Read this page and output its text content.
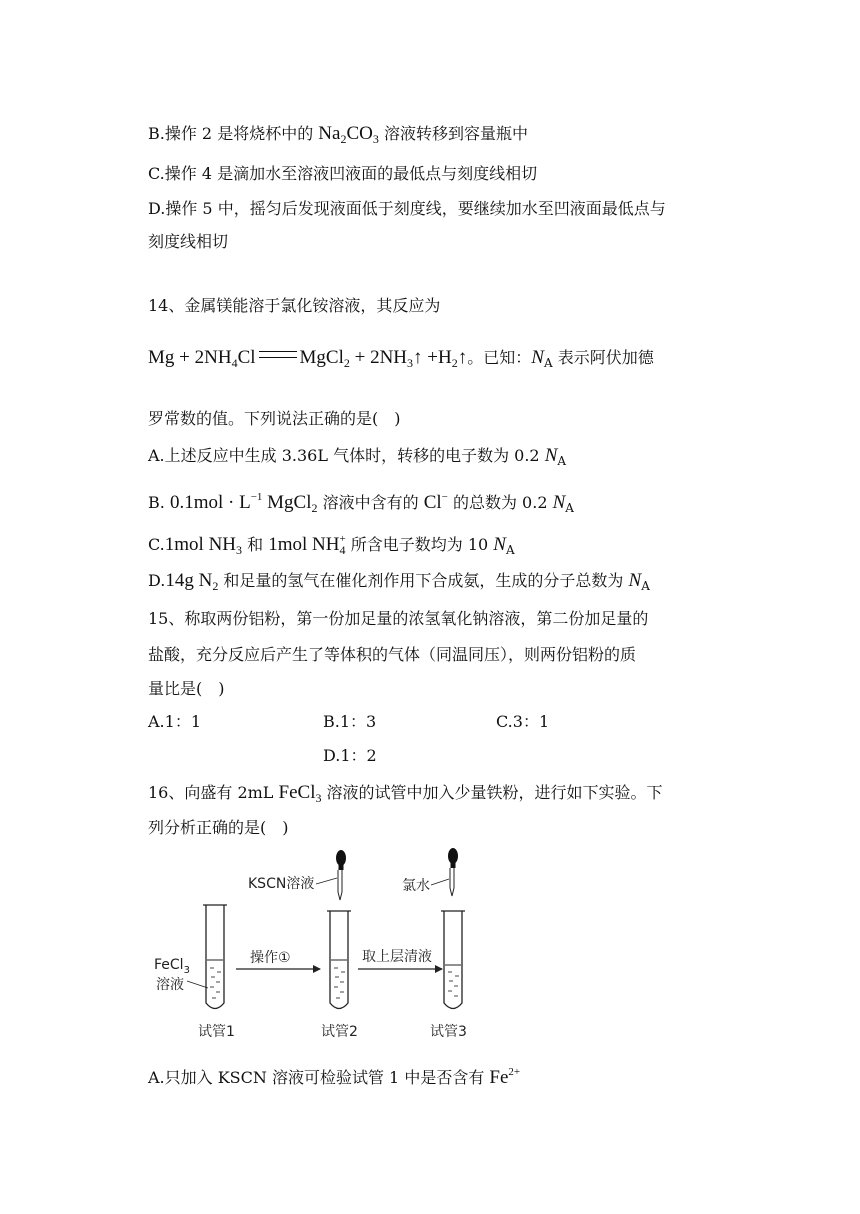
B.操作 2 是将烧杯中的 $Na_2CO_3$ 溶液转移到容量瓶中
C.操作 4 是滴加水至溶液凹液面的最低点与刻度线相切
D.操作 5 中，摇匀后发现液面低于刻度线，要继续加水至凹液面最低点与
刻度线相切
14、金属镁能溶于氯化铵溶液，其反应为
$Mg + 2NH_4Cl$ MgCl$_2$ + $2NH_3↑$ $+H_2↑$。已知：$N_A$ 表示阿伏加德
罗常数的值。下列说法正确的是(　)
A.上述反应中生成 3.36L 气体时，转移的电子数为 0.2 $N_A$
B. $0.1mol \cdot L^{-1}$ MgCl$_2$ 溶液中含有的 Cl− 的总数为 0.2 $N_A$
C.1mol $NH_3$ 和 1mol $NH_4^+$ 所含电子数均为 10 $N_A$
D.14g $N_2$ 和足量的氢气在催化剂作用下合成氨，生成的分子总数为 $N_A$
15、称取两份铝粉，第一份加足量的浓氢氧化钠溶液，第二份加足量的
盐酸，充分反应后产生了等体积的气体（同温同压），则两份铝粉的质
量比是(　)
A.1：1	B.1：3	C.3：1
D.1：2
16、向盛有 2mL FeCl$_3$ 溶液的试管中加入少量铁粉，进行如下实验。下
列分析正确的是(　)
FeCl$_3$
溶液
操作①
KSCN溶液
取上层清液
氯水
试管1	试管2	试管3
A.只加入 KSCN 溶液可检验试管 1 中是否含有 $Fe^{2+}$
